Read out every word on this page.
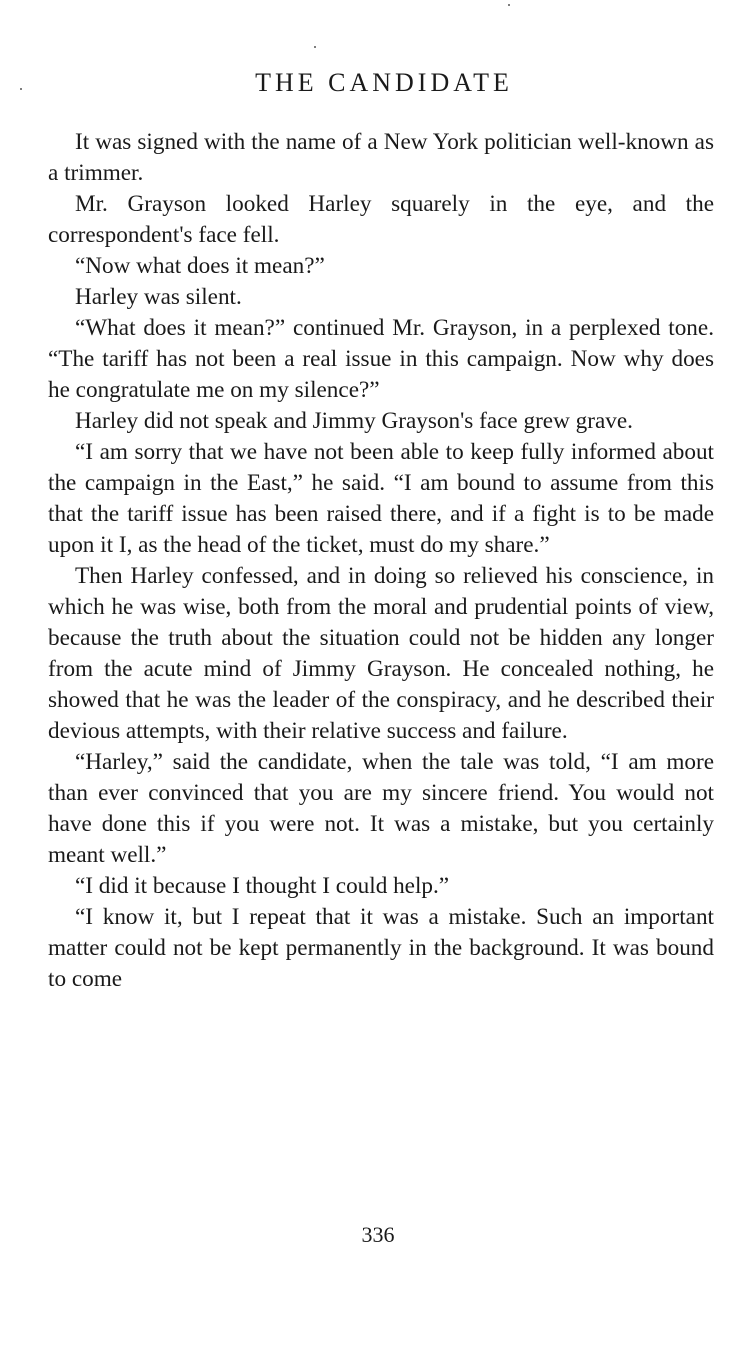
THE CANDIDATE

It was signed with the name of a New York politician well-known as a trimmer.

Mr. Grayson looked Harley squarely in the eye, and the correspondent's face fell.

“Now what does it mean?”

Harley was silent.

“What does it mean?” continued Mr. Grayson, in a perplexed tone. “The tariff has not been a real issue in this campaign. Now why does he congratulate me on my silence?”

Harley did not speak and Jimmy Grayson's face grew grave.

“I am sorry that we have not been able to keep fully informed about the campaign in the East,” he said. “I am bound to assume from this that the tariff issue has been raised there, and if a fight is to be made upon it I, as the head of the ticket, must do my share.”

Then Harley confessed, and in doing so relieved his conscience, in which he was wise, both from the moral and prudential points of view, because the truth about the situation could not be hidden any longer from the acute mind of Jimmy Grayson. He concealed nothing, he showed that he was the leader of the conspiracy, and he described their devious attempts, with their relative success and failure.

“Harley,” said the candidate, when the tale was told, “I am more than ever convinced that you are my sincere friend. You would not have done this if you were not. It was a mistake, but you certainly meant well.”

“I did it because I thought I could help.”

“I know it, but I repeat that it was a mistake. Such an important matter could not be kept permanently in the background. It was bound to come

336
